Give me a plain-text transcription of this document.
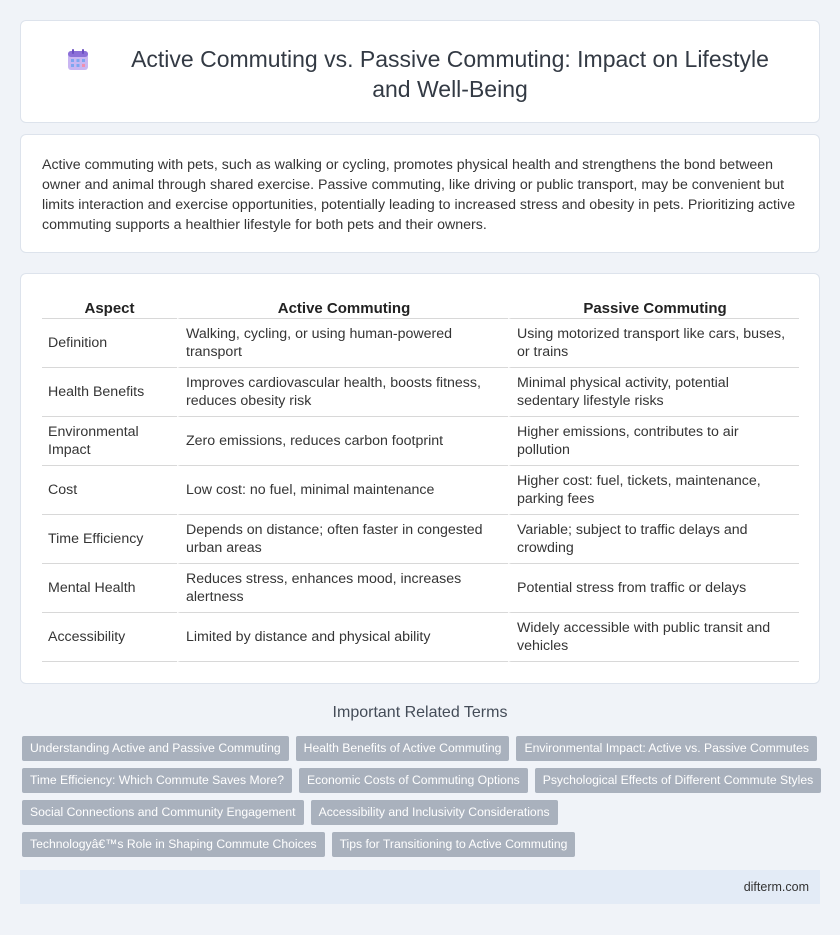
Active Commuting vs. Passive Commuting: Impact on Lifestyle and Well-Being

Active commuting with pets, such as walking or cycling, promotes physical health and strengthens the bond between owner and animal through shared exercise. Passive commuting, like driving or public transport, may be convenient but limits interaction and exercise opportunities, potentially leading to increased stress and obesity in pets. Prioritizing active commuting supports a healthier lifestyle for both pets and their owners.

Aspect	Active Commuting	Passive Commuting
Definition	Walking, cycling, or using human-powered transport	Using motorized transport like cars, buses, or trains
Health Benefits	Improves cardiovascular health, boosts fitness, reduces obesity risk	Minimal physical activity, potential sedentary lifestyle risks
Environmental Impact	Zero emissions, reduces carbon footprint	Higher emissions, contributes to air pollution
Cost	Low cost: no fuel, minimal maintenance	Higher cost: fuel, tickets, maintenance, parking fees
Time Efficiency	Depends on distance; often faster in congested urban areas	Variable; subject to traffic delays and crowding
Mental Health	Reduces stress, enhances mood, increases alertness	Potential stress from traffic or delays
Accessibility	Limited by distance and physical ability	Widely accessible with public transit and vehicles
Important Related Terms
Understanding Active and Passive Commuting	Health Benefits of Active Commuting	Environmental Impact: Active vs. Passive Commutes
Time Efficiency: Which Commute Saves More?	Economic Costs of Commuting Options	Psychological Effects of Different Commute Styles
Social Connections and Community Engagement	Accessibility and Inclusivity Considerations
Technologyâ€™s Role in Shaping Commute Choices	Tips for Transitioning to Active Commuting
difterm.com
